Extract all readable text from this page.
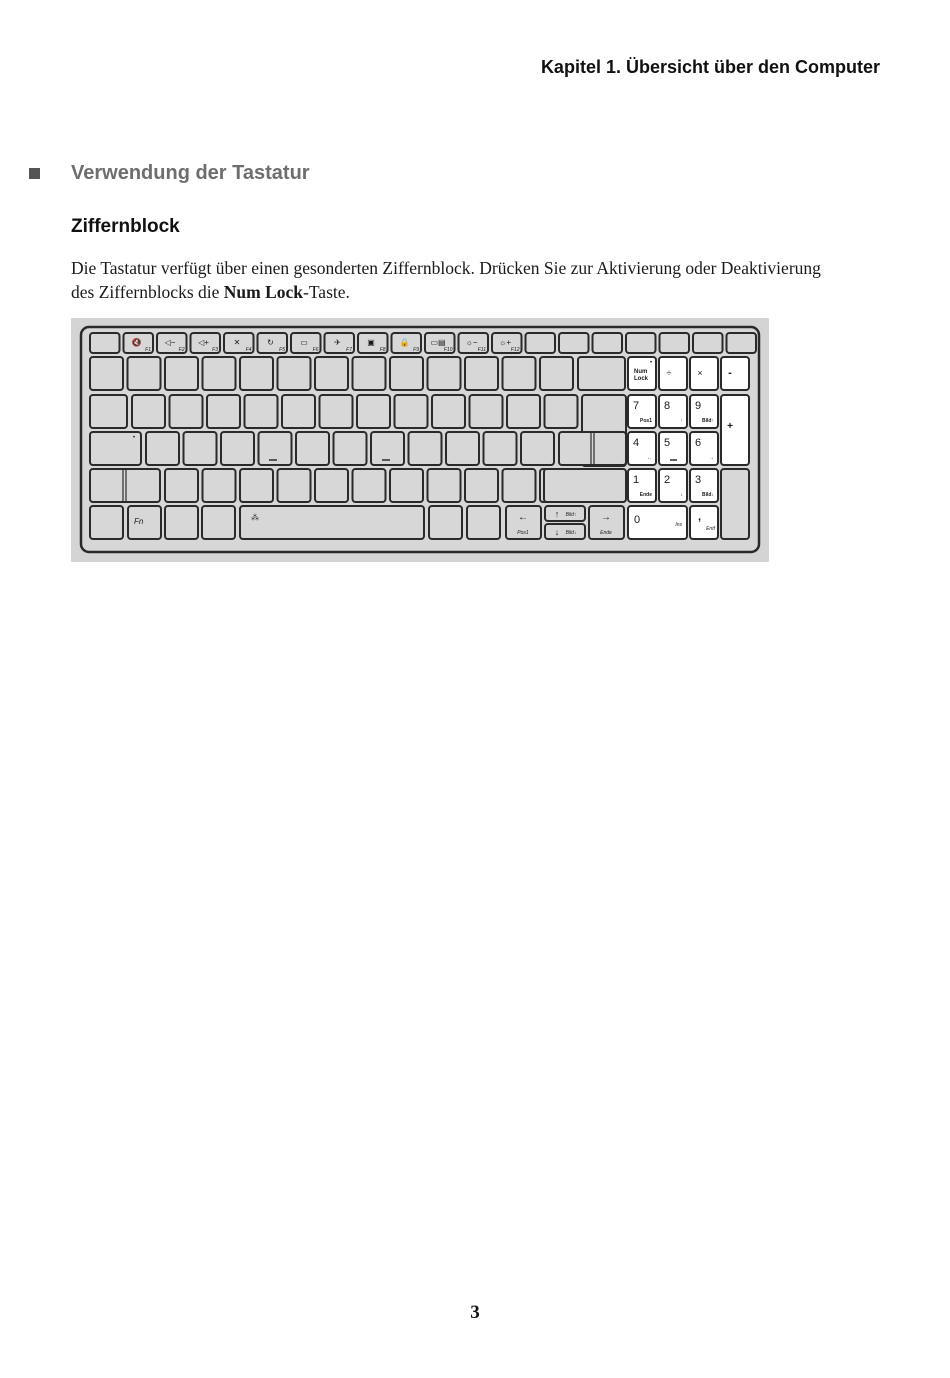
Kapitel 1. Übersicht über den Computer
Verwendung der Tastatur
Ziffernblock
Die Tastatur verfügt über einen gesonderten Ziffernblock. Drücken Sie zur Aktivierung oder Deaktivierung des Ziffernblocks die Num Lock-Taste.
🔇
F1
◁−
F2
◁+
F3
✕
F4
↻
F5
▭
F6
✈
F7
▣
F8
🔒
F9
▭▤
F10
☼−
F11
☼+
F12
•
Fn	⁂	←
Pos1
↑ Bild↑
↓ Bild↓
→
Ende
Num
Lock
•
÷	× -
7
Pos1
8
↑
9
Bild↑
4
←
5 6
→
1
Ende
2
↓
3
Bild↓
+
0	Ins
,
Entf
3
